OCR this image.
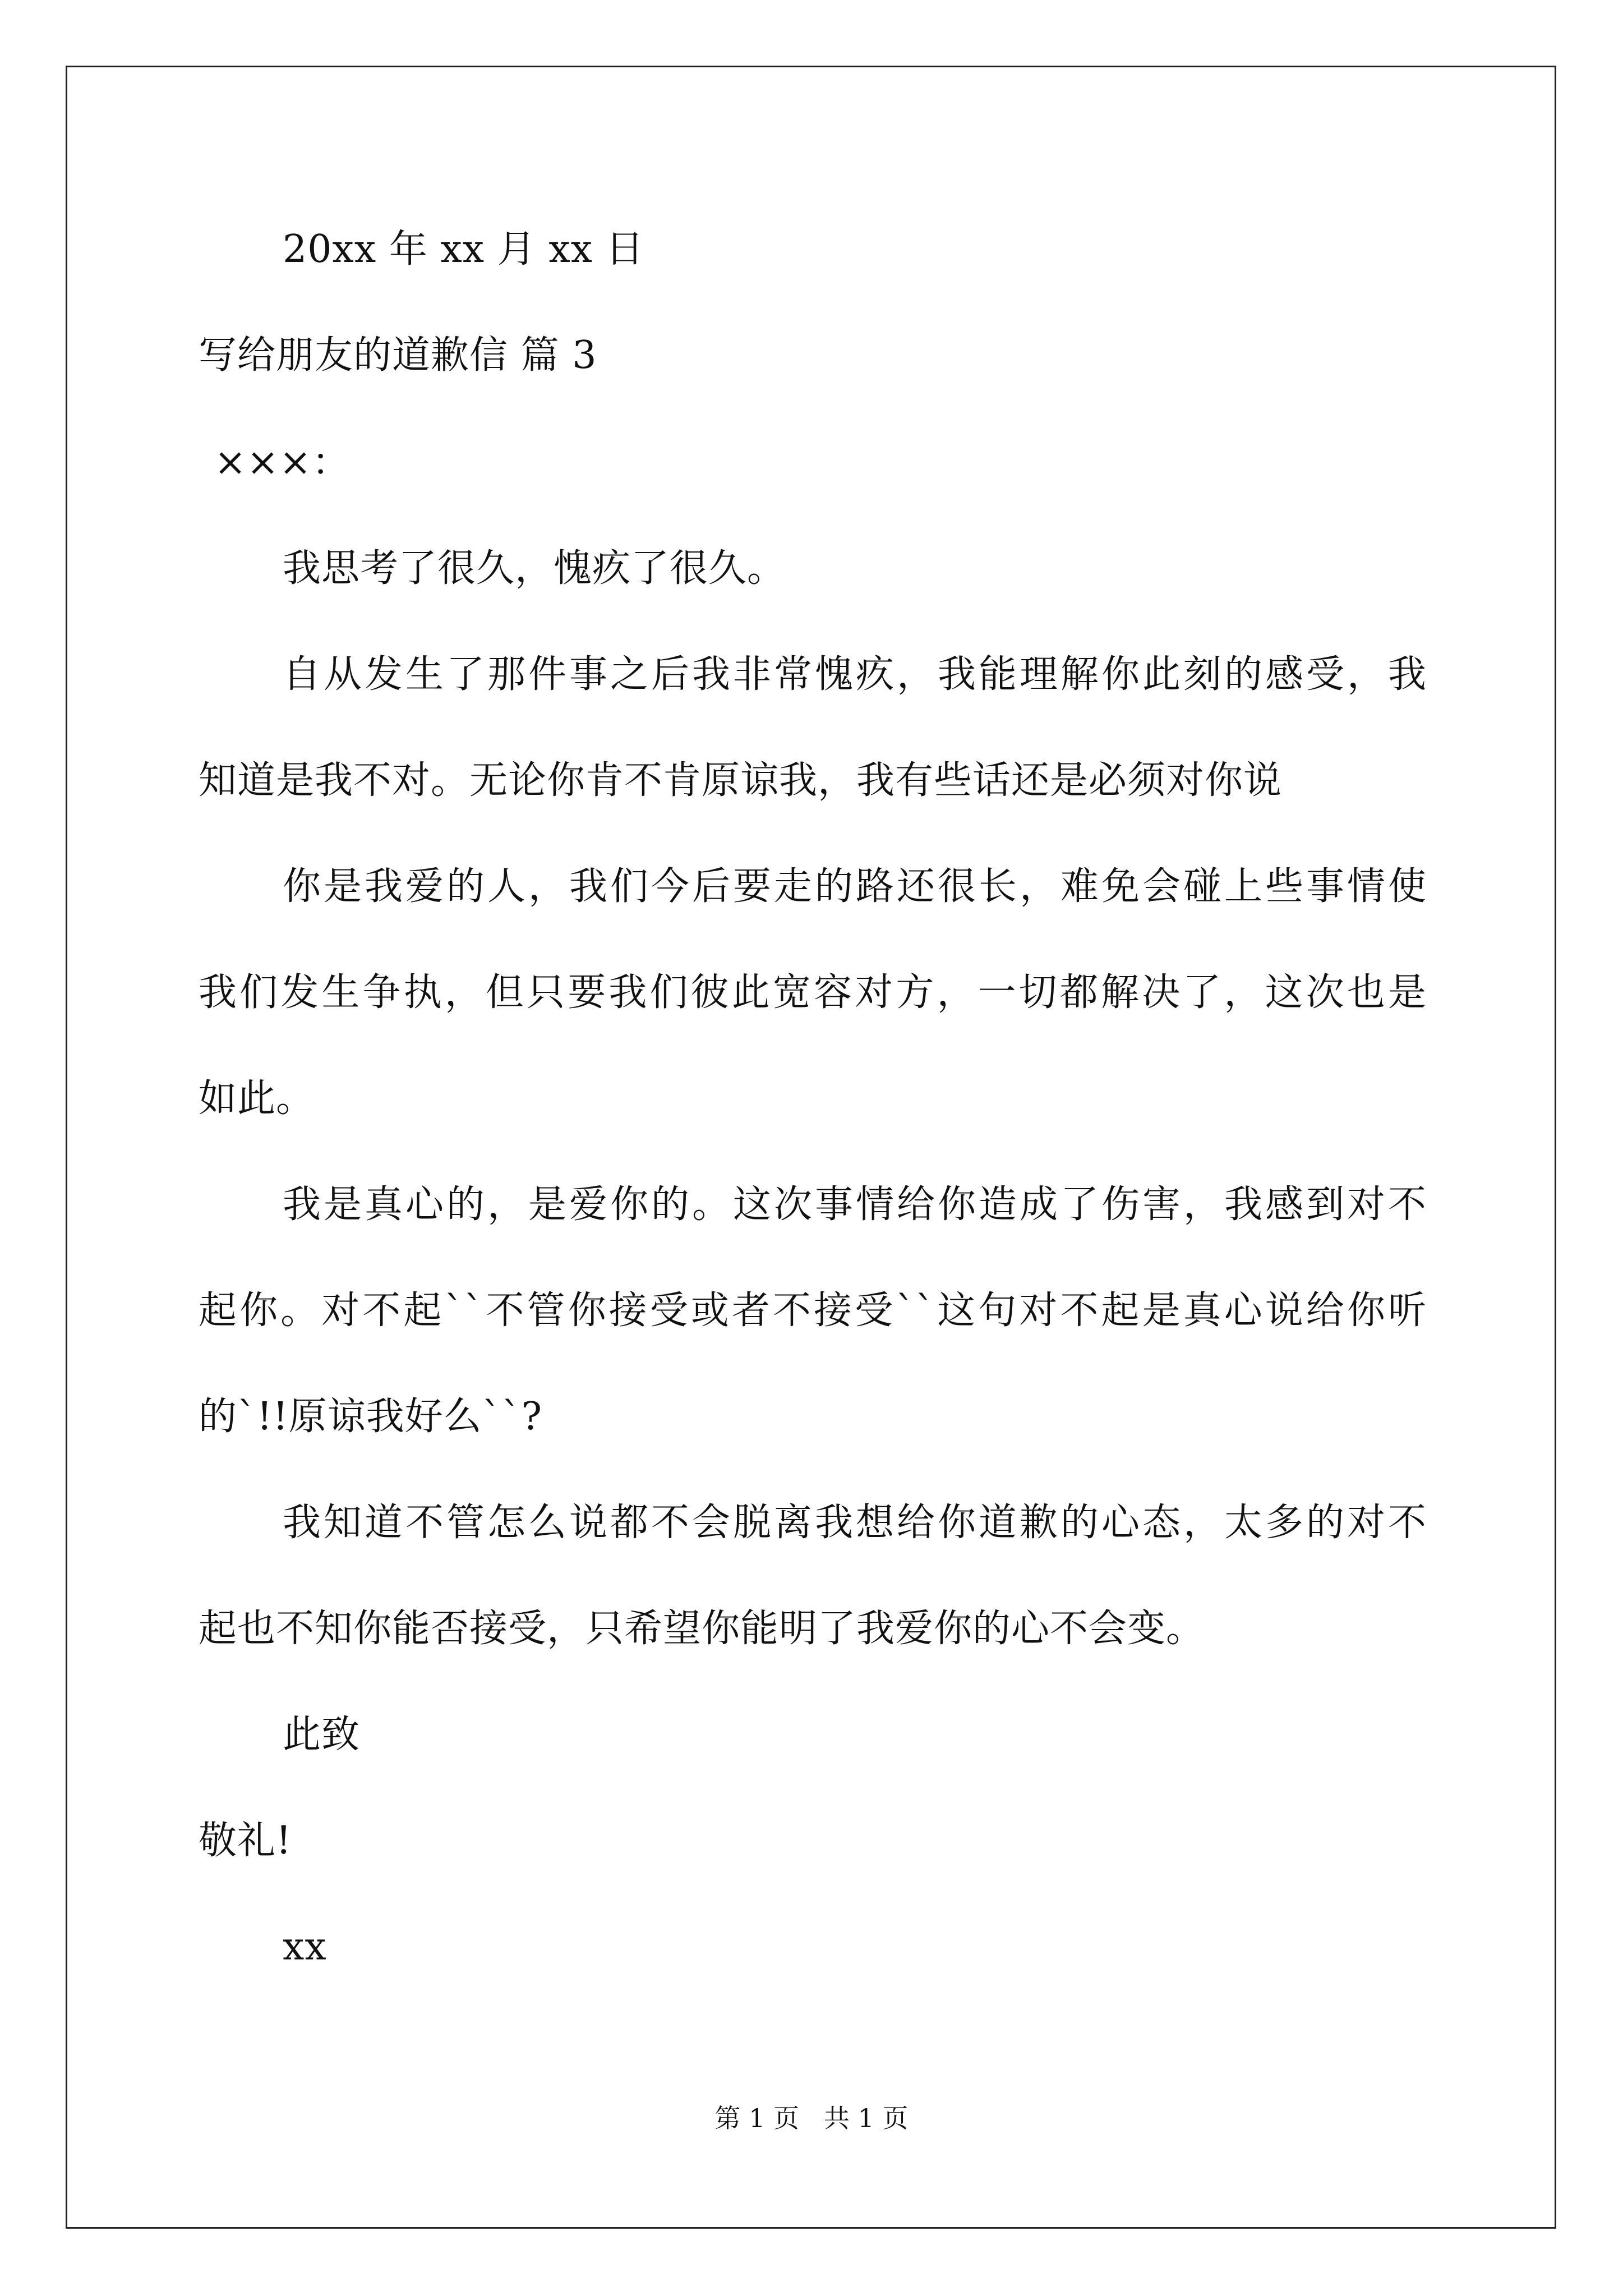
20xx 年 xx 月 xx 日
写给朋友的道歉信 篇 3
×××：
我思考了很久，愧疚了很久。
自从发生了那件事之后我非常愧疚，我能理解你此刻的感受，我
知道是我不对。无论你肯不肯原谅我，我有些话还是必须对你说
你是我爱的人，我们今后要走的路还很长，难免会碰上些事情使
我们发生争执，但只要我们彼此宽容对方，一切都解决了，这次也是
如此。
我是真心的，是爱你的。这次事情给你造成了伤害，我感到对不
起你。对不起``不管你接受或者不接受``这句对不起是真心说给你听
的`!!原谅我好么``?
我知道不管怎么说都不会脱离我想给你道歉的心态，太多的对不
起也不知你能否接受，只希望你能明了我爱你的心不会变。
此致
敬礼!
xx
第 1 页   共 1 页
